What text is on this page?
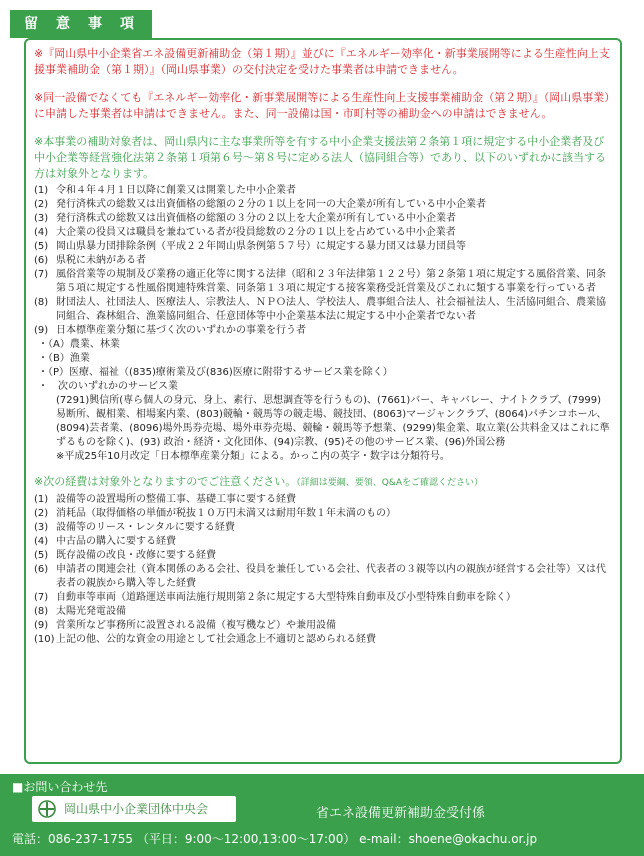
留　意　事　項

※『岡山県中小企業省エネ設備更新補助金（第１期）』並びに『エネルギー効率化・新事業展開等による生産性向上支援事業補助金（第１期）』（岡山県事業）の交付決定を受けた事業者は申請できません。

※同一設備でなくても『エネルギー効率化・新事業展開等による生産性向上支援事業補助金（第２期）』（岡山県事業）に申請した事業者は申請はできません。また、同一設備は国・市町村等の補助金への申請はできません。

※本事業の補助対象者は、岡山県内に主な事業所等を有する中小企業支援法第２条第１項に規定する中小企業者及び中小企業等経営強化法第２条第１項第６号～第８号に定める法人（協同組合等）であり、以下のいずれかに該当する方は対象外となります。

(1) 令和４年４月１日以降に創業又は開業した中小企業者
(2) 発行済株式の総数又は出資価格の総額の２分の１以上を同一の大企業が所有している中小企業者
(3) 発行済株式の総数又は出資価格の総額の３分の２以上を大企業が所有している中小企業者
(4) 大企業の役員又は職員を兼ねている者が役員総数の２分の１以上を占めている中小企業者
(5) 岡山県暴力団排除条例（平成２２年岡山県条例第５７号）に規定する暴力団又は暴力団員等
(6) 県税に未納がある者
(7) 風俗営業等の規制及び業務の適正化等に関する法律（昭和２３年法律第１２２号）第２条第１項に規定する風俗営業、同条第５項に規定する性風俗関連特殊営業、同条第１３項に規定する接客業務受託営業及びこれに類する事業を行っている者
(8) 財団法人、社団法人、医療法人、宗教法人、ＮＰＯ法人、学校法人、農事組合法人、社会福祉法人、生活協同組合、農業協同組合、森林組合、漁業協同組合、任意団体等中小企業基本法に規定する中小企業者でない者
(9) 日本標準産業分類に基づく次のいずれかの事業を行う者
・（A）農業、林業
・（B）漁業
・（P）医療、福祉（(835)療術業及び(836)医療に附帯するサービス業を除く）
・　次のいずれかのサービス業
(7291)興信所(専ら個人の身元、身上、素行、思想調査等を行うもの)、(7661)バー、キャバレー、ナイトクラブ、(7999)易断所、観相業、相場案内業、(803)競輪・競馬等の競走場、競技団、(8063)マージャンクラブ、(8064)パチンコホール、(8094)芸者業、(8096)場外馬券売場、場外車券売場、競輪・競馬等予想業、(9299)集金業、取立業(公共料金又はこれに準ずるものを除く)、(93) 政治・経済・文化団体、(94)宗教、(95)その他のサービス業、(96)外国公務
※平成25年10月改定「日本標準産業分類」による。かっこ内の英字・数字は分類符号。

※次の経費は対象外となりますのでご注意ください。（詳細は要綱、要領、Q&Aをご確認ください）

(1) 設備等の設置場所の整備工事、基礎工事に要する経費
(2) 消耗品（取得価格の単価が税抜１０万円未満又は耐用年数１年未満のもの）
(3) 設備等のリース・レンタルに要する経費
(4) 中古品の購入に要する経費
(5) 既存設備の改良・改修に要する経費
(6) 申請者の関連会社（資本関係のある会社、役員を兼任している会社、代表者の３親等以内の親族が経営する会社等）又は代表者の親族から購入等した経費
(7) 自動車等車両（道路運送車両法施行規則第２条に規定する大型特殊自動車及び小型特殊自動車を除く）
(8) 太陽光発電設備
(9) 営業所など事務所に設置される設備（複写機など）や兼用設備
(10)上記の他、公的な資金の用途として社会通念上不適切と認められる経費
■お問い合わせ先
岡山県中小企業団体中央会	省エネ設備更新補助金受付係
電話：086-237-1755 （平日：9:00～12:00,13:00～17:00） e-mail：shoene@okachu.or.jp
